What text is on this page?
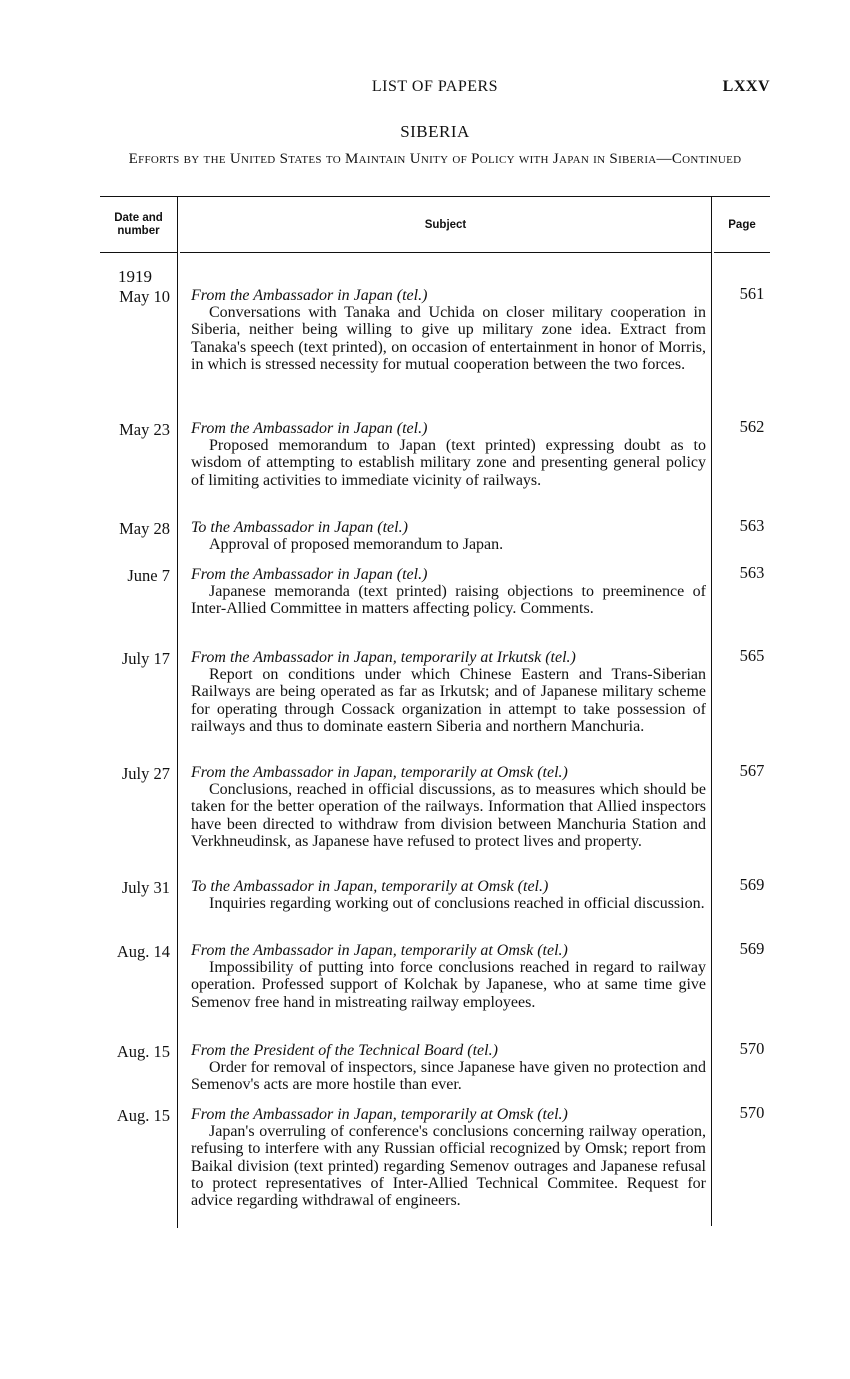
LIST OF PAPERS	LXXV
SIBERIA
Efforts by the United States to Maintain Unity of Policy with Japan in Siberia—Continued
Date and number	Subject	Page
1919
May 10 From the Ambassador in Japan (tel.)
Conversations with Tanaka and Uchida on closer military cooperation in Siberia, neither being willing to give up military zone idea. Extract from Tanaka's speech (text printed), on occasion of entertainment in honor of Morris, in which is stressed necessity for mutual cooperation between the two forces.
561
May 23 From the Ambassador in Japan (tel.)
Proposed memorandum to Japan (text printed) expressing doubt as to wisdom of attempting to establish military zone and presenting general policy of limiting activities to immediate vicinity of railways.
562
May 28 To the Ambassador in Japan (tel.)
Approval of proposed memorandum to Japan.
563
June 7 From the Ambassador in Japan (tel.)
Japanese memoranda (text printed) raising objections to preeminence of Inter-Allied Committee in matters affecting policy. Comments.
563
July 17 From the Ambassador in Japan, temporarily at Irkutsk (tel.)
Report on conditions under which Chinese Eastern and Trans-Siberian Railways are being operated as far as Irkutsk; and of Japanese military scheme for operating through Cossack organization in attempt to take possession of railways and thus to dominate eastern Siberia and northern Manchuria.
565
July 27 From the Ambassador in Japan, temporarily at Omsk (tel.)
Conclusions, reached in official discussions, as to measures which should be taken for the better operation of the railways. Information that Allied inspectors have been directed to withdraw from division between Manchuria Station and Verkhneudinsk, as Japanese have refused to protect lives and property.
567
July 31 To the Ambassador in Japan, temporarily at Omsk (tel.)
Inquiries regarding working out of conclusions reached in official discussion.
569
Aug. 14 From the Ambassador in Japan, temporarily at Omsk (tel.)
Impossibility of putting into force conclusions reached in regard to railway operation. Professed support of Kolchak by Japanese, who at same time give Semenov free hand in mistreating railway employees.
569
Aug. 15 From the President of the Technical Board (tel.)
Order for removal of inspectors, since Japanese have given no protection and Semenov's acts are more hostile than ever.
570
Aug. 15 From the Ambassador in Japan, temporarily at Omsk (tel.)
Japan's overruling of conference's conclusions concerning railway operation, refusing to interfere with any Russian official recognized by Omsk; report from Baikal division (text printed) regarding Semenov outrages and Japanese refusal to protect representatives of Inter-Allied Technical Commitee. Request for advice regarding withdrawal of engineers.
570
